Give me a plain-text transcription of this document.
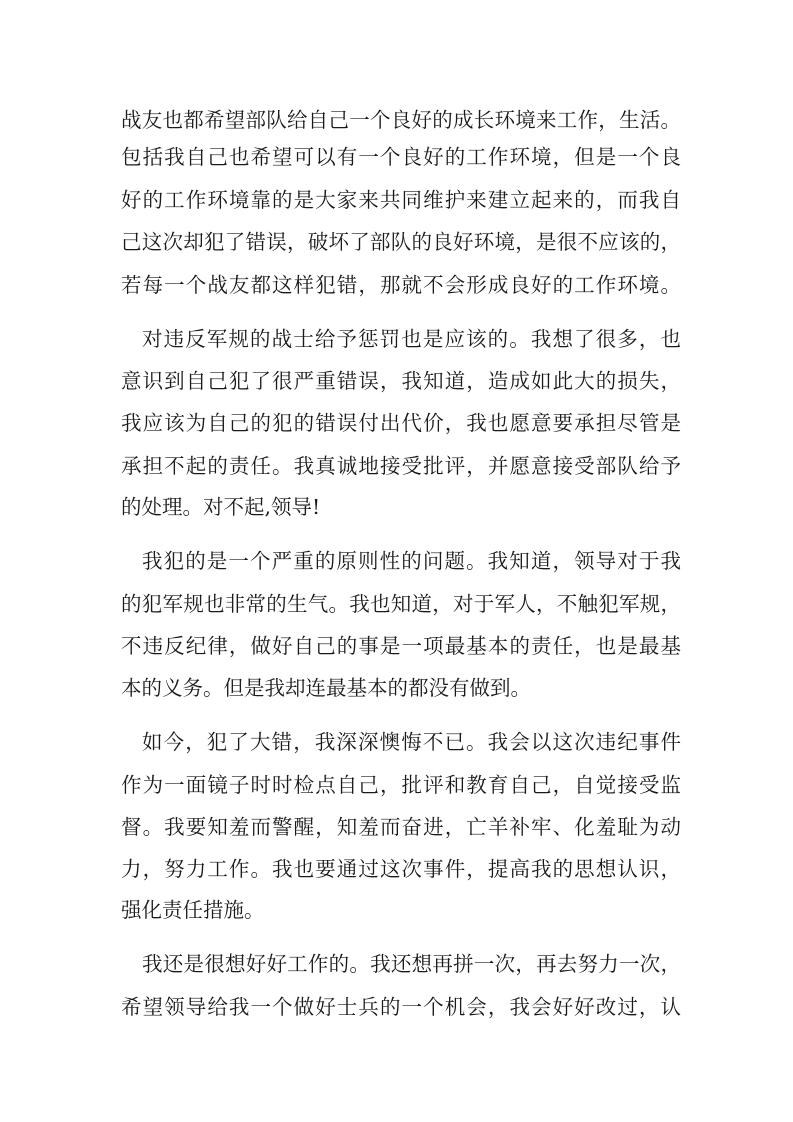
战友也都希望部队给自己一个良好的成长环境来工作，生活。
包括我自己也希望可以有一个良好的工作环境，但是一个良
好的工作环境靠的是大家来共同维护来建立起来的，而我自
己这次却犯了错误，破坏了部队的良好环境，是很不应该的，
若每一个战友都这样犯错，那就不会形成良好的工作环境。
对违反军规的战士给予惩罚也是应该的。我想了很多，也
意识到自己犯了很严重错误，我知道，造成如此大的损失，
我应该为自己的犯的错误付出代价，我也愿意要承担尽管是
承担不起的责任。我真诚地接受批评，并愿意接受部队给予
的处理。对不起,领导!
我犯的是一个严重的原则性的问题。我知道，领导对于我
的犯军规也非常的生气。我也知道，对于军人，不触犯军规，
不违反纪律，做好自己的事是一项最基本的责任，也是最基
本的义务。但是我却连最基本的都没有做到。
如今，犯了大错，我深深懊悔不已。我会以这次违纪事件
作为一面镜子时时检点自己，批评和教育自己，自觉接受监
督。我要知羞而警醒，知羞而奋进，亡羊补牢、化羞耻为动
力，努力工作。我也要通过这次事件，提高我的思想认识，
强化责任措施。
我还是很想好好工作的。我还想再拼一次，再去努力一次，
希望领导给我一个做好士兵的一个机会，我会好好改过，认
